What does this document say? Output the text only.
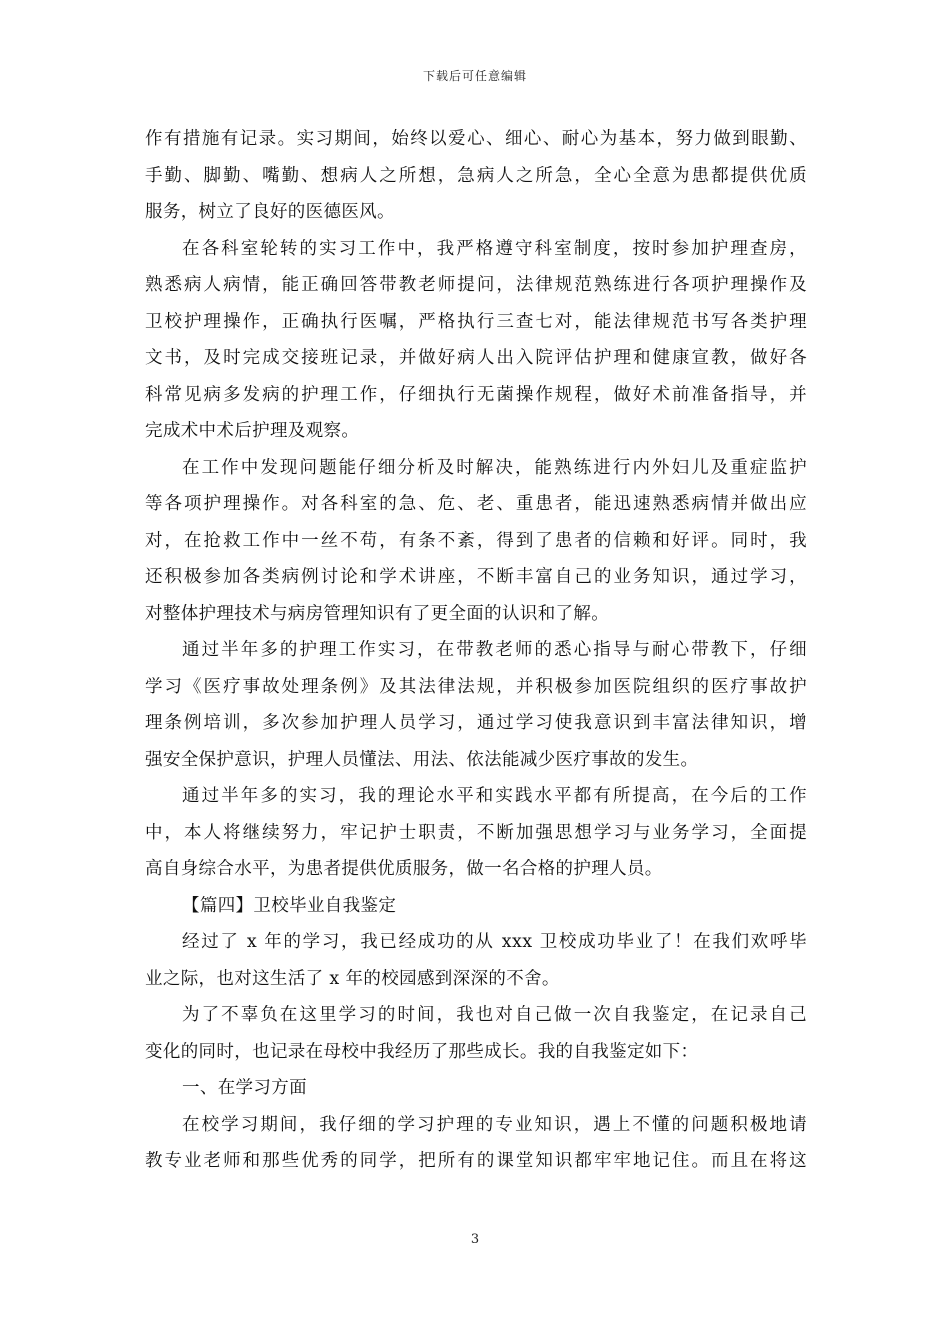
下载后可任意编辑
作有措施有记录。实习期间，始终以爱心、细心、耐心为基本，努力做到眼勤、
手勤、脚勤、嘴勤、想病人之所想，急病人之所急，全心全意为患都提供优质
服务，树立了良好的医德医风。
在各科室轮转的实习工作中，我严格遵守科室制度，按时参加护理查房，
熟悉病人病情，能正确回答带教老师提问，法律规范熟练进行各项护理操作及
卫校护理操作，正确执行医嘱，严格执行三查七对，能法律规范书写各类护理
文书，及时完成交接班记录，并做好病人出入院评估护理和健康宣教，做好各
科常见病多发病的护理工作，仔细执行无菌操作规程，做好术前准备指导，并
完成术中术后护理及观察。
在工作中发现问题能仔细分析及时解决，能熟练进行内外妇儿及重症监护
等各项护理操作。对各科室的急、危、老、重患者，能迅速熟悉病情并做出应
对，在抢救工作中一丝不苟，有条不紊，得到了患者的信赖和好评。同时，我
还积极参加各类病例讨论和学术讲座，不断丰富自己的业务知识，通过学习，
对整体护理技术与病房管理知识有了更全面的认识和了解。
通过半年多的护理工作实习，在带教老师的悉心指导与耐心带教下，仔细
学习《医疗事故处理条例》及其法律法规，并积极参加医院组织的医疗事故护
理条例培训，多次参加护理人员学习，通过学习使我意识到丰富法律知识，增
强安全保护意识，护理人员懂法、用法、依法能减少医疗事故的发生。
通过半年多的实习，我的理论水平和实践水平都有所提高，在今后的工作
中，本人将继续努力，牢记护士职责，不断加强思想学习与业务学习，全面提
高自身综合水平，为患者提供优质服务，做一名合格的护理人员。
【篇四】卫校毕业自我鉴定
经过了 x 年的学习，我已经成功的从 xxx 卫校成功毕业了！在我们欢呼毕
业之际，也对这生活了 x 年的校园感到深深的不舍。
为了不辜负在这里学习的时间，我也对自己做一次自我鉴定，在记录自己
变化的同时，也记录在母校中我经历了那些成长。我的自我鉴定如下：
一、在学习方面
在校学习期间，我仔细的学习护理的专业知识，遇上不懂的问题积极地请
教专业老师和那些优秀的同学，把所有的课堂知识都牢牢地记住。而且在将这
3
